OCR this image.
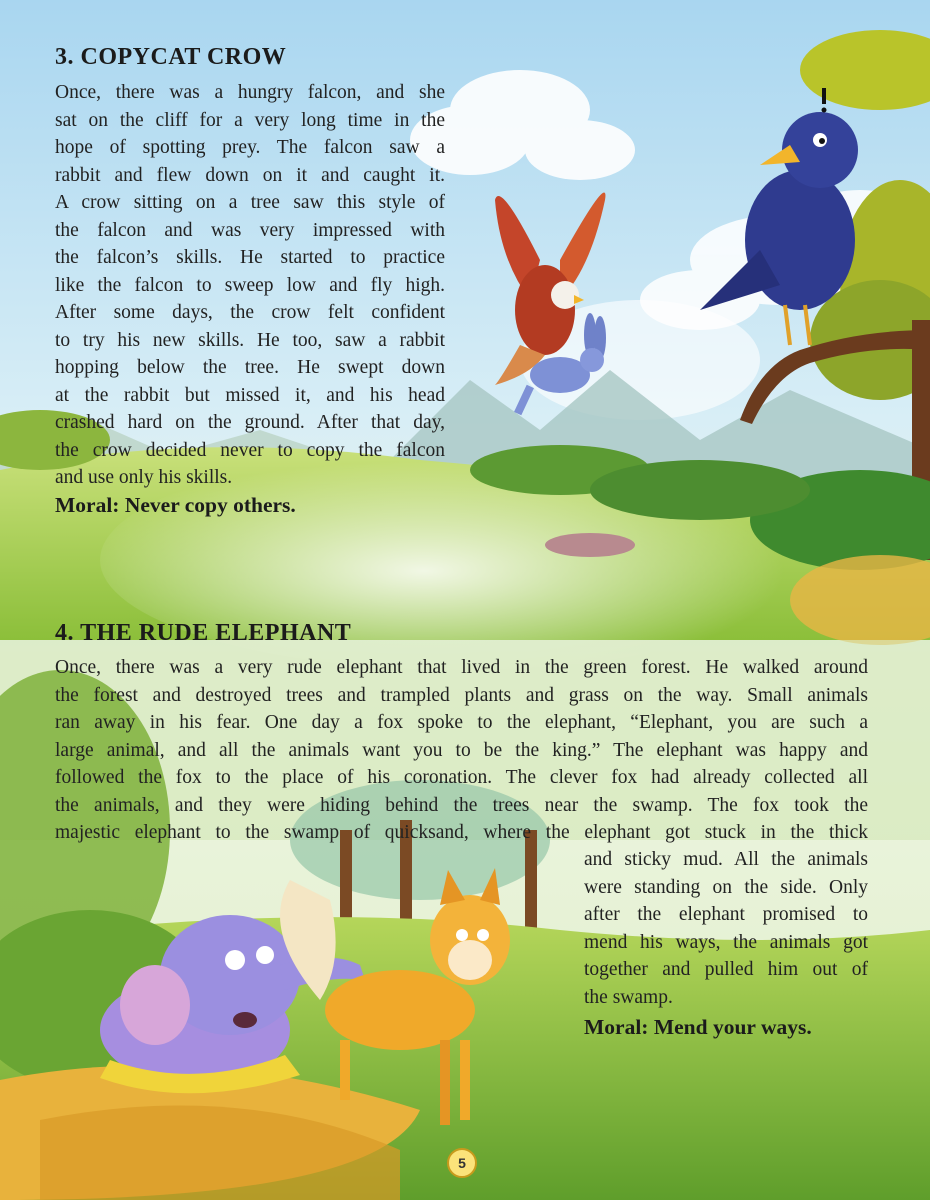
3. COPYCAT CROW

Once, there was a hungry falcon, and she
sat on the cliff for a very long time in the
hope of spotting prey. The falcon saw a
rabbit and flew down on it and caught it.
A crow sitting on a tree saw this style of
the falcon and was very impressed with
the falcon’s skills. He started to practice
like the falcon to sweep low and fly high.
After some days, the crow felt confident
to try his new skills. He too, saw a rabbit
hopping below the tree. He swept down
at the rabbit but missed it, and his head
crashed hard on the ground. After that day,
the crow decided never to copy the falcon
and use only his skills.

Moral: Never copy others.

4. THE RUDE ELEPHANT

Once, there was a very rude elephant that lived in the green forest. He walked around
the forest and destroyed trees and trampled plants and grass on the way. Small animals
ran away in his fear. One day a fox spoke to the elephant, “Elephant, you are such a
large animal, and all the animals want you to be the king.” The elephant was happy and
followed the fox to the place of his coronation. The clever fox had already collected all
the animals, and they were hiding behind the trees near the swamp. The fox took the
majestic elephant to the swamp of quicksand, where the elephant got stuck in the thick

and sticky mud. All the animals
were standing on the side. Only
after the elephant promised to
mend his ways, the animals got
together and pulled him out of
the swamp.

Moral: Mend your ways.

5
